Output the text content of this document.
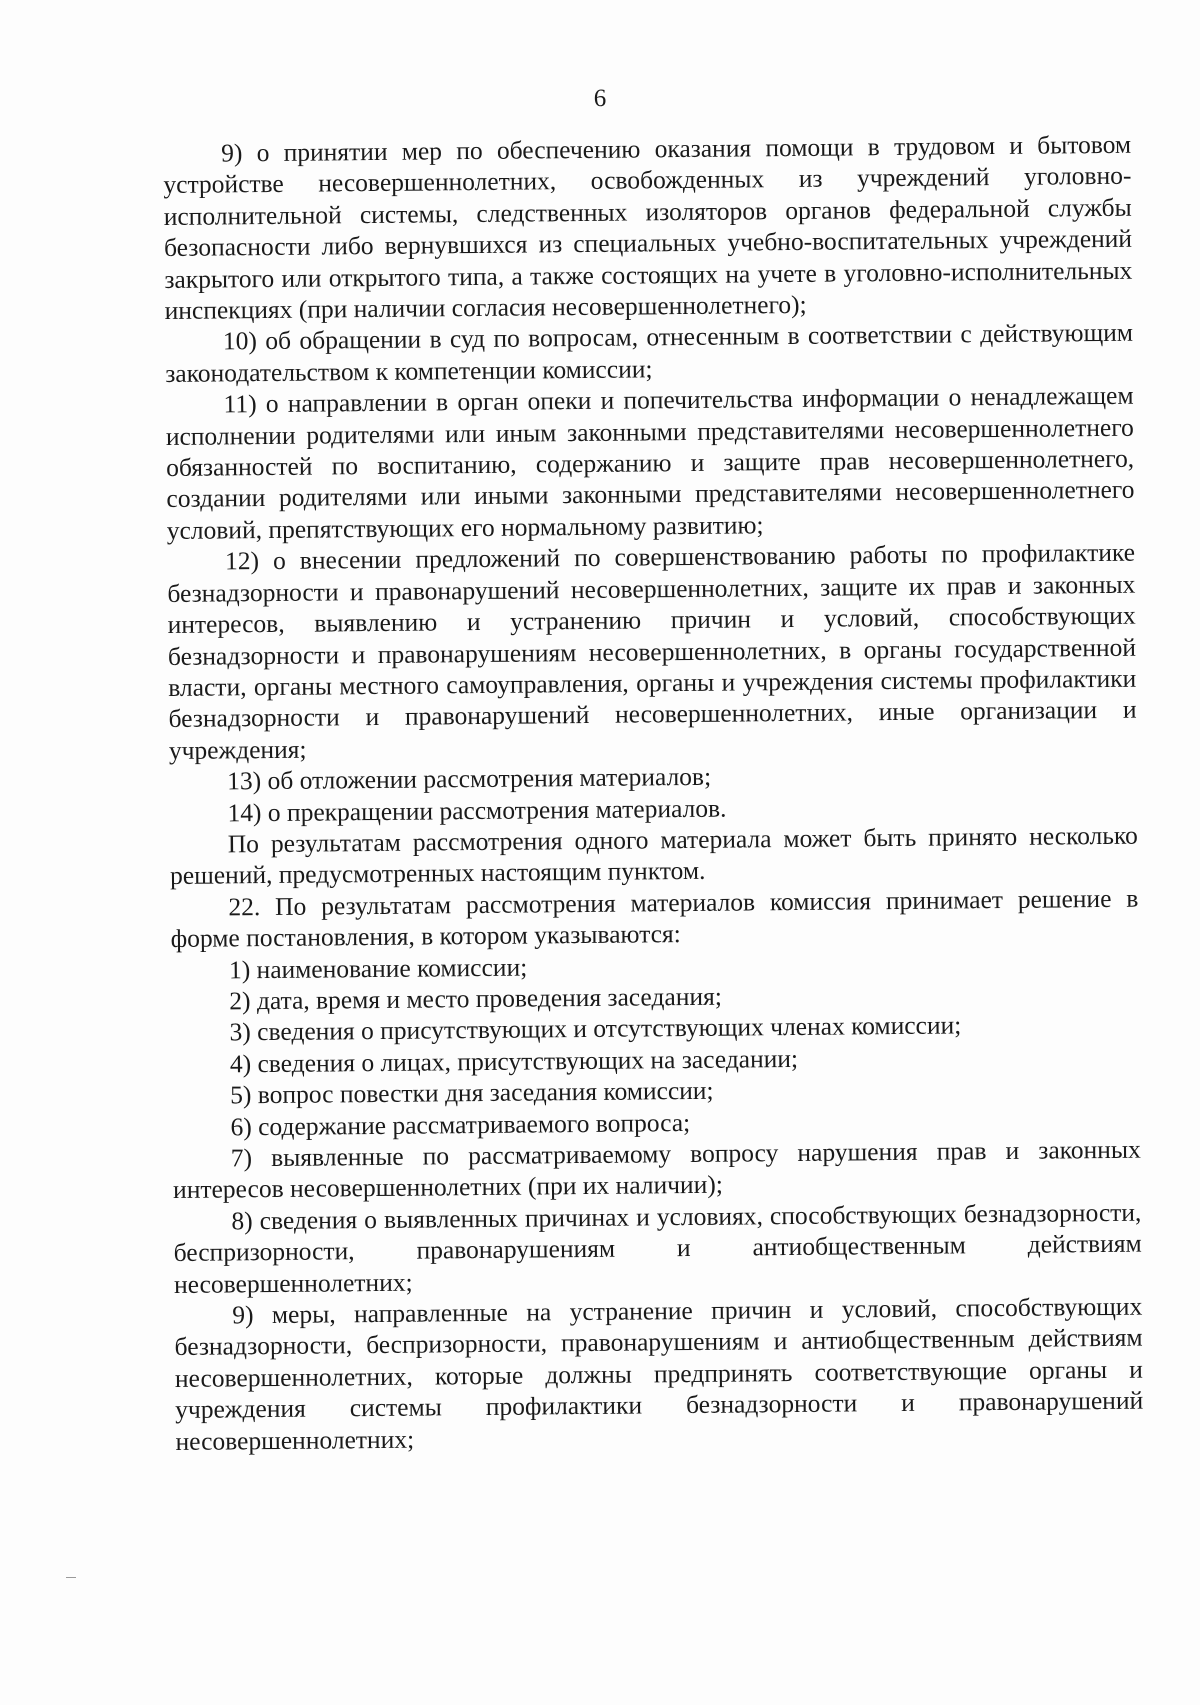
6

9) о принятии мер по обеспечению оказания помощи в трудовом и бытовом устройстве несовершеннолетних, освобожденных из учреждений уголовно-исполнительной системы, следственных изоляторов органов федеральной службы безопасности либо вернувшихся из специальных учебно-воспитательных учреждений закрытого или открытого типа, а также состоящих на учете в уголовно-исполнительных инспекциях (при наличии согласия несовершеннолетнего);

10) об обращении в суд по вопросам, отнесенным в соответствии с действующим законодательством к компетенции комиссии;

11) о направлении в орган опеки и попечительства информации о ненадлежащем исполнении родителями или иным законными представителями несовершеннолетнего обязанностей по воспитанию, содержанию и защите прав несовершеннолетнего, создании родителями или иными законными представителями несовершеннолетнего условий, препятствующих его нормальному развитию;

12) о внесении предложений по совершенствованию работы по профилактике безнадзорности и правонарушений несовершеннолетних, защите их прав и законных интересов, выявлению и устранению причин и условий, способствующих безнадзорности и правонарушениям несовершеннолетних, в органы государственной власти, органы местного самоуправления, органы и учреждения системы профилактики безнадзорности и правонарушений несовершеннолетних, иные организации и учреждения;

13) об отложении рассмотрения материалов;

14) о прекращении рассмотрения материалов.

По результатам рассмотрения одного материала может быть принято несколько решений, предусмотренных настоящим пунктом.

22. По результатам рассмотрения материалов комиссия принимает решение в форме постановления, в котором указываются:

1) наименование комиссии;

2) дата, время и место проведения заседания;

3) сведения о присутствующих и отсутствующих членах комиссии;

4) сведения о лицах, присутствующих на заседании;

5) вопрос повестки дня заседания комиссии;

6) содержание рассматриваемого вопроса;

7) выявленные по рассматриваемому вопросу нарушения прав и законных интересов несовершеннолетних (при их наличии);

8) сведения о выявленных причинах и условиях, способствующих безнадзорности, беспризорности, правонарушениям и антиобщественным действиям несовершеннолетних;

9) меры, направленные на устранение причин и условий, способствующих безнадзорности, беспризорности, правонарушениям и антиобщественным действиям несовершеннолетних, которые должны предпринять соответствующие органы и учреждения системы профилактики безнадзорности и правонарушений несовершеннолетних;
